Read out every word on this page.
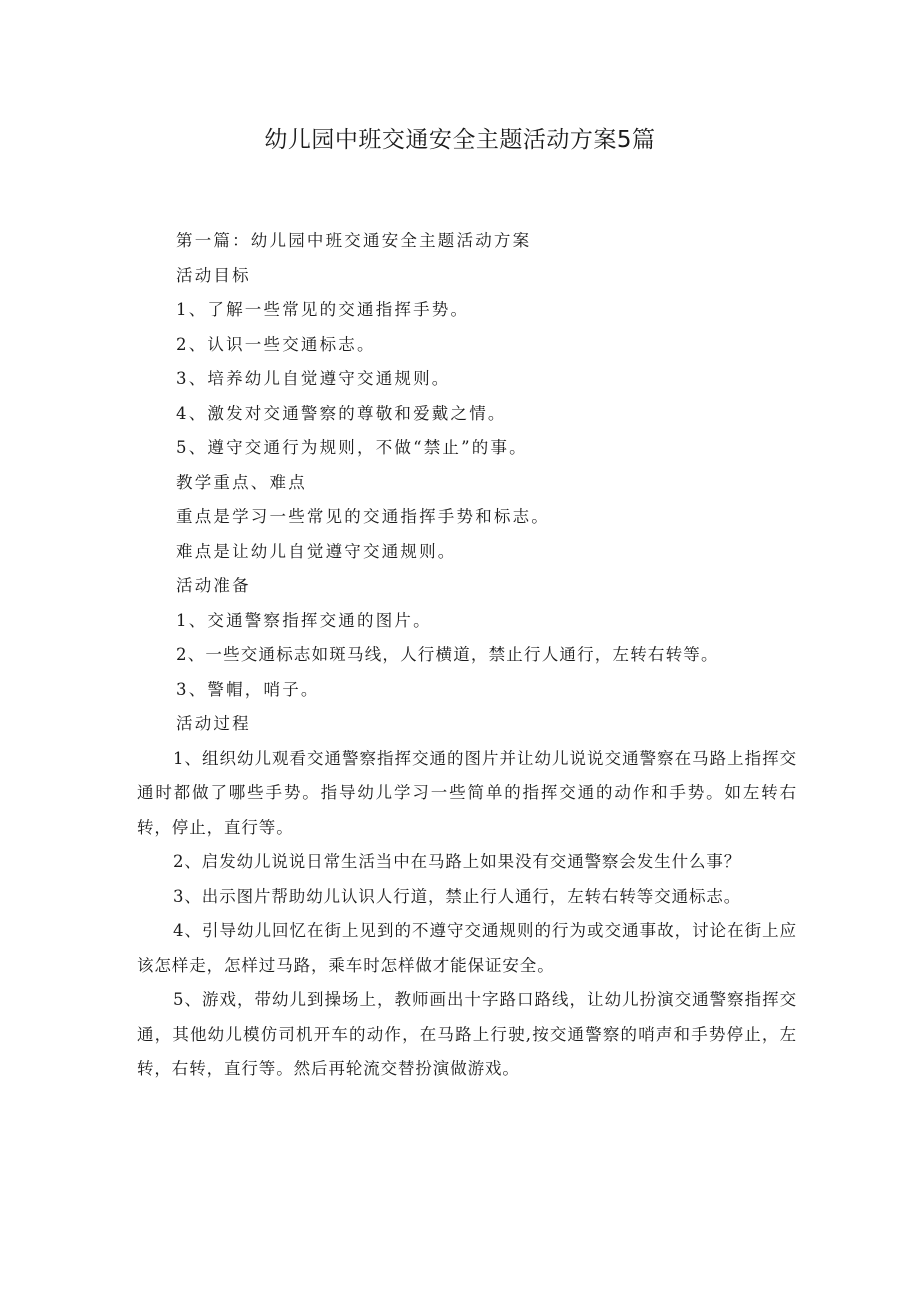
幼儿园中班交通安全主题活动方案5篇

第一篇：幼儿园中班交通安全主题活动方案

活动目标

1、了解一些常见的交通指挥手势。

2、认识一些交通标志。

3、培养幼儿自觉遵守交通规则。

4、激发对交通警察的尊敬和爱戴之情。

5、遵守交通行为规则，不做“禁止”的事。

教学重点、难点

重点是学习一些常见的交通指挥手势和标志。

难点是让幼儿自觉遵守交通规则。

活动准备

1、交通警察指挥交通的图片。

2、一些交通标志如斑马线，人行横道，禁止行人通行，左转右转等。

3、警帽，哨子。

活动过程

1、组织幼儿观看交通警察指挥交通的图片并让幼儿说说交通警察在马路上指挥交通时都做了哪些手势。指导幼儿学习一些简单的指挥交通的动作和手势。如左转右转，停止，直行等。

2、启发幼儿说说日常生活当中在马路上如果没有交通警察会发生什么事？

3、出示图片帮助幼儿认识人行道，禁止行人通行，左转右转等交通标志。

4、引导幼儿回忆在街上见到的不遵守交通规则的行为或交通事故，讨论在街上应该怎样走，怎样过马路，乘车时怎样做才能保证安全。

5、游戏，带幼儿到操场上，教师画出十字路口路线，让幼儿扮演交通警察指挥交通，其他幼儿模仿司机开车的动作，在马路上行驶,按交通警察的哨声和手势停止，左转，右转，直行等。然后再轮流交替扮演做游戏。
